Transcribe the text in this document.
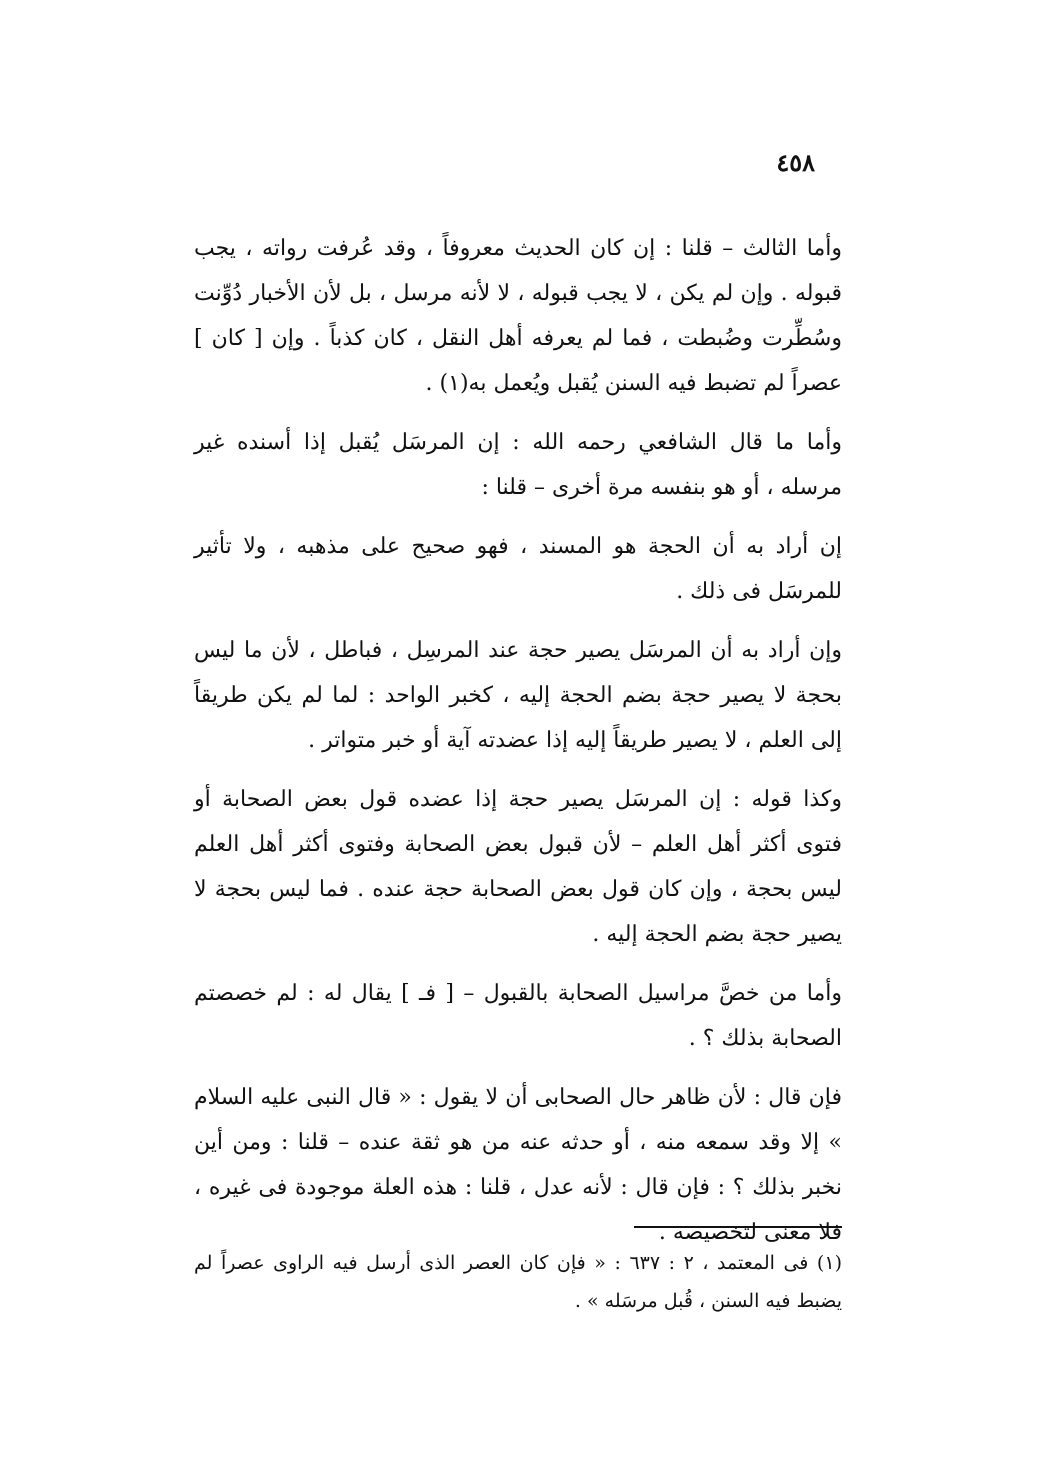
٤٥٨

وأما الثالث – قلنا : إن كان الحديث معروفاً ، وقد عُرفت رواته ، يجب قبوله . وإن لم يكن ، لا يجب قبوله ، لا لأنه مرسل ، بل لأن الأخبار دُوِّنت وسُطِّرت وضُبطت ، فما لم يعرفه أهل النقل ، كان كذباً . وإن [ كان ] عصراً لم تضبط فيه السنن يُقبل ويُعمل به(١) .

وأما ما قال الشافعي رحمه الله : إن المرسَل يُقبل إذا أسنده غير مرسله ، أو هو بنفسه مرة أخرى – قلنا :

إن أراد به أن الحجة هو المسند ، فهو صحيح على مذهبه ، ولا تأثير للمرسَل فى ذلك .

وإن أراد به أن المرسَل يصير حجة عند المرسِل ، فباطل ، لأن ما ليس بحجة لا يصير حجة بضم الحجة إليه ، كخبر الواحد : لما لم يكن طريقاً إلى العلم ، لا يصير طريقاً إليه إذا عضدته آية أو خبر متواتر .

وكذا قوله : إن المرسَل يصير حجة إذا عضده قول بعض الصحابة أو فتوى أكثر أهل العلم – لأن قبول بعض الصحابة وفتوى أكثر أهل العلم ليس بحجة ، وإن كان قول بعض الصحابة حجة عنده . فما ليس بحجة لا يصير حجة بضم الحجة إليه .

وأما من خصَّ مراسيل الصحابة بالقبول – [ فـ ] يقال له : لم خصصتم الصحابة بذلك ؟ .

فإن قال : لأن ظاهر حال الصحابى أن لا يقول : « قال النبى عليه السلام » إلا وقد سمعه منه ، أو حدثه عنه من هو ثقة عنده – قلنا : ومن أين نخبر بذلك ؟ : فإن قال : لأنه عدل ، قلنا : هذه العلة موجودة فى غيره ، فلا معنى لتخصيصه .

(١) فى المعتمد ، ٢ : ٦٣٧ : « فإن كان العصر الذى أرسل فيه الراوى عصراً لم يضبط فيه السنن ، قُبل مرسَله » .
